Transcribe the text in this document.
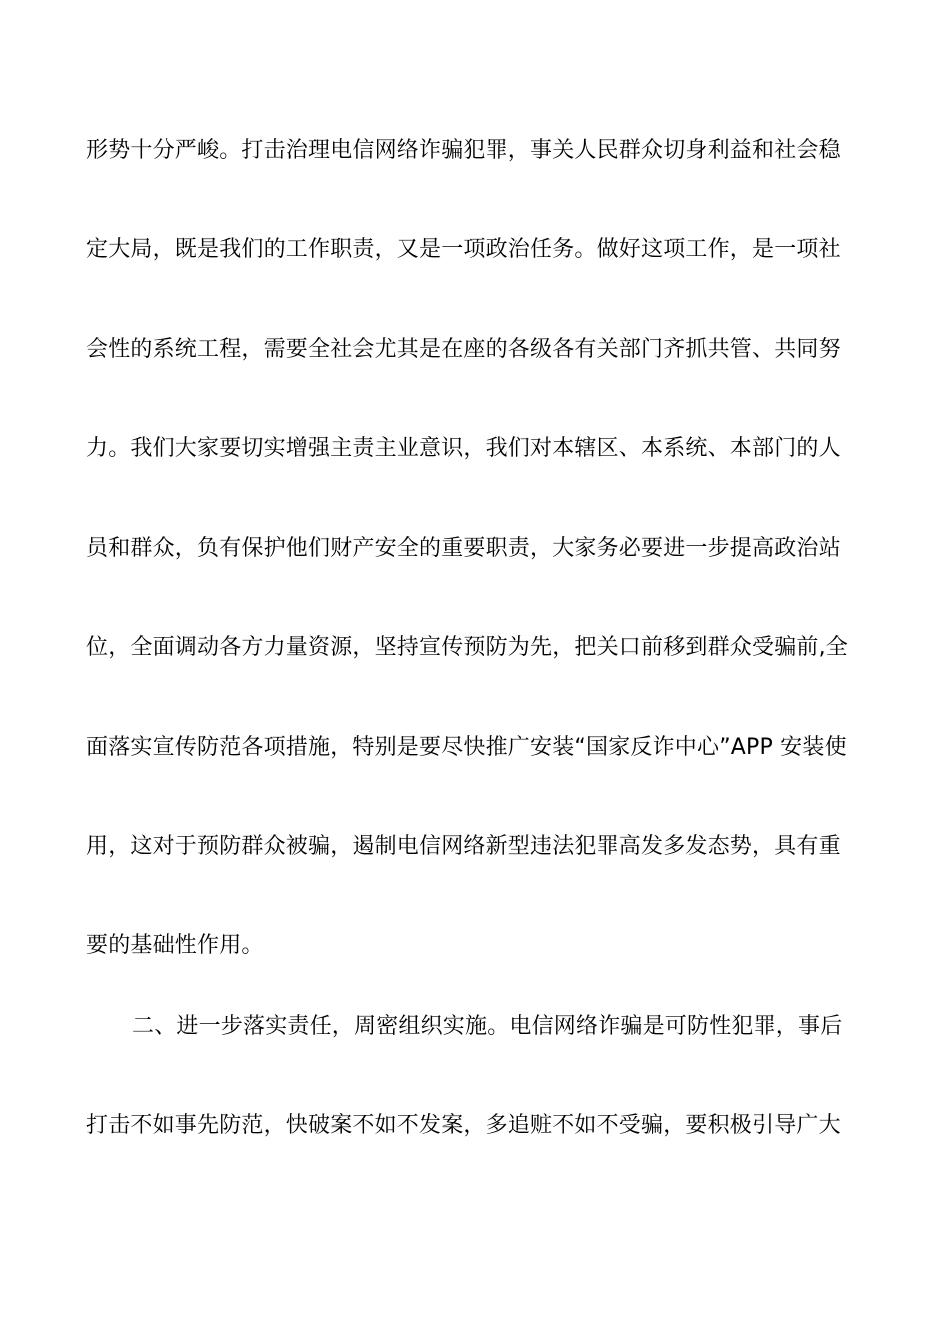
形势十分严峻。打击治理电信网络诈骗犯罪，事关人民群众切身利益和社会稳
定大局，既是我们的工作职责，又是一项政治任务。做好这项工作，是一项社
会性的系统工程，需要全社会尤其是在座的各级各有关部门齐抓共管、共同努
力。我们大家要切实增强主责主业意识，我们对本辖区、本系统、本部门的人
员和群众，负有保护他们财产安全的重要职责，大家务必要进一步提高政治站
位，全面调动各方力量资源，坚持宣传预防为先，把关口前移到群众受骗前,全
面落实宣传防范各项措施，特别是要尽快推广安装“国家反诈中心”APP 安装使
用，这对于预防群众被骗，遏制电信网络新型违法犯罪高发多发态势，具有重
要的基础性作用。
二、进一步落实责任，周密组织实施。电信网络诈骗是可防性犯罪，事后
打击不如事先防范，快破案不如不发案，多追赃不如不受骗，要积极引导广大
